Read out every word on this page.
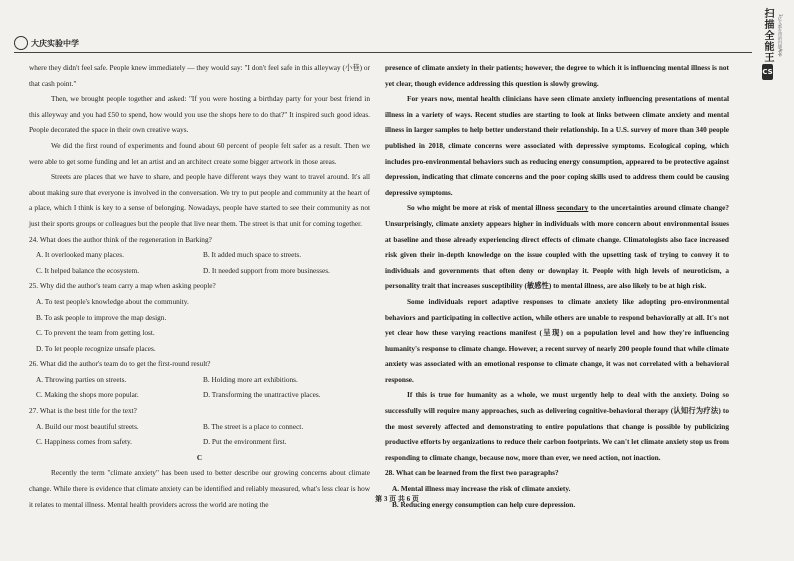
大庆实验中学

where they didn't feel safe. People knew immediately — they would say: "I don't feel safe in this alleyway (小巷) or that cash point."

Then, we brought people together and asked: "If you were hosting a birthday party for your best friend in this alleyway and you had £50 to spend, how would you use the shops here to do that?" It inspired such good ideas. People decorated the space in their own creative ways.

We did the first round of experiments and found about 60 percent of people felt safer as a result. Then we were able to get some funding and let an artist and an architect create some bigger artwork in those areas.

Streets are places that we have to share, and people have different ways they want to travel around. It's all about making sure that everyone is involved in the conversation. We try to put people and community at the heart of a place, which I think is key to a sense of belonging. Nowadays, people have started to see their community as not just their sports groups or colleagues but the people that live near them. The street is that unit for coming together.

24. What does the author think of the regeneration in Barking?

A. It overlooked many places.	B. It added much space to streets.
C. It helped balance the ecosystem.	D. It needed support from more businesses.

25. Why did the author's team carry a map when asking people?

A. To test people's knowledge about the community.

B. To ask people to improve the map design.

C. To prevent the team from getting lost.

D. To let people recognize unsafe places.

26. What did the author's team do to get the first-round result?

A. Throwing parties on streets.	B. Holding more art exhibitions.
C. Making the shops more popular.	D. Transforming the unattractive places.

27. What is the best title for the text?

A. Build our most beautiful streets.	B. The street is a place to connect.
C. Happiness comes from safety.	D. Put the environment first.

C

Recently the term "climate anxiety" has been used to better describe our growing concerns about climate change. While there is evidence that climate anxiety can be identified and reliably measured, what's less clear is how it relates to mental illness. Mental health providers across the world are noting the

presence of climate anxiety in their patients; however, the degree to which it is influencing mental illness is not yet clear, though evidence addressing this question is slowly growing.

For years now, mental health clinicians have seen climate anxiety influencing presentations of mental illness in a variety of ways. Recent studies are starting to look at links between climate anxiety and mental illness in larger samples to help better understand their relationship. In a U.S. survey of more than 340 people published in 2018, climate concerns were associated with depressive symptoms. Ecological coping, which includes pro-environmental behaviors such as reducing energy consumption, appeared to be protective against depression, indicating that climate concerns and the poor coping skills used to address them could be causing depressive symptoms.

So who might be more at risk of mental illness secondary to the uncertainties around climate change? Unsurprisingly, climate anxiety appears higher in individuals with more concern about environmental issues at baseline and those already experiencing direct effects of climate change. Climatologists also face increased risk given their in-depth knowledge on the issue coupled with the upsetting task of trying to convey it to individuals and governments that often deny or downplay it. People with high levels of neuroticism, a personality trait that increases susceptibility (敏感性) to mental illness, are also likely to be at high risk.

Some individuals report adaptive responses to climate anxiety like adopting pro-environmental behaviors and participating in collective action, while others are unable to respond behaviorally at all. It's not yet clear how these varying reactions manifest (呈现) on a population level and how they're influencing humanity's response to climate change. However, a recent survey of nearly 200 people found that while climate anxiety was associated with an emotional response to climate change, it was not correlated with a behavioral response.

If this is true for humanity as a whole, we must urgently help to deal with the anxiety. Doing so successfully will require many approaches, such as delivering cognitive-behavioral therapy (认知行为疗法) to the most severely affected and demonstrating to entire populations that change is possible by publicizing productive efforts by organizations to reduce their carbon footprints. We can't let climate anxiety stop us from responding to climate change, because now, more than ever, we need action, not inaction.

28. What can be learned from the first two paragraphs?

A. Mental illness may increase the risk of climate anxiety.

B. Reducing energy consumption can help cure depression.

第 3 页 共 6 页
扫描全能王	3亿人都在用的扫描App
CS
